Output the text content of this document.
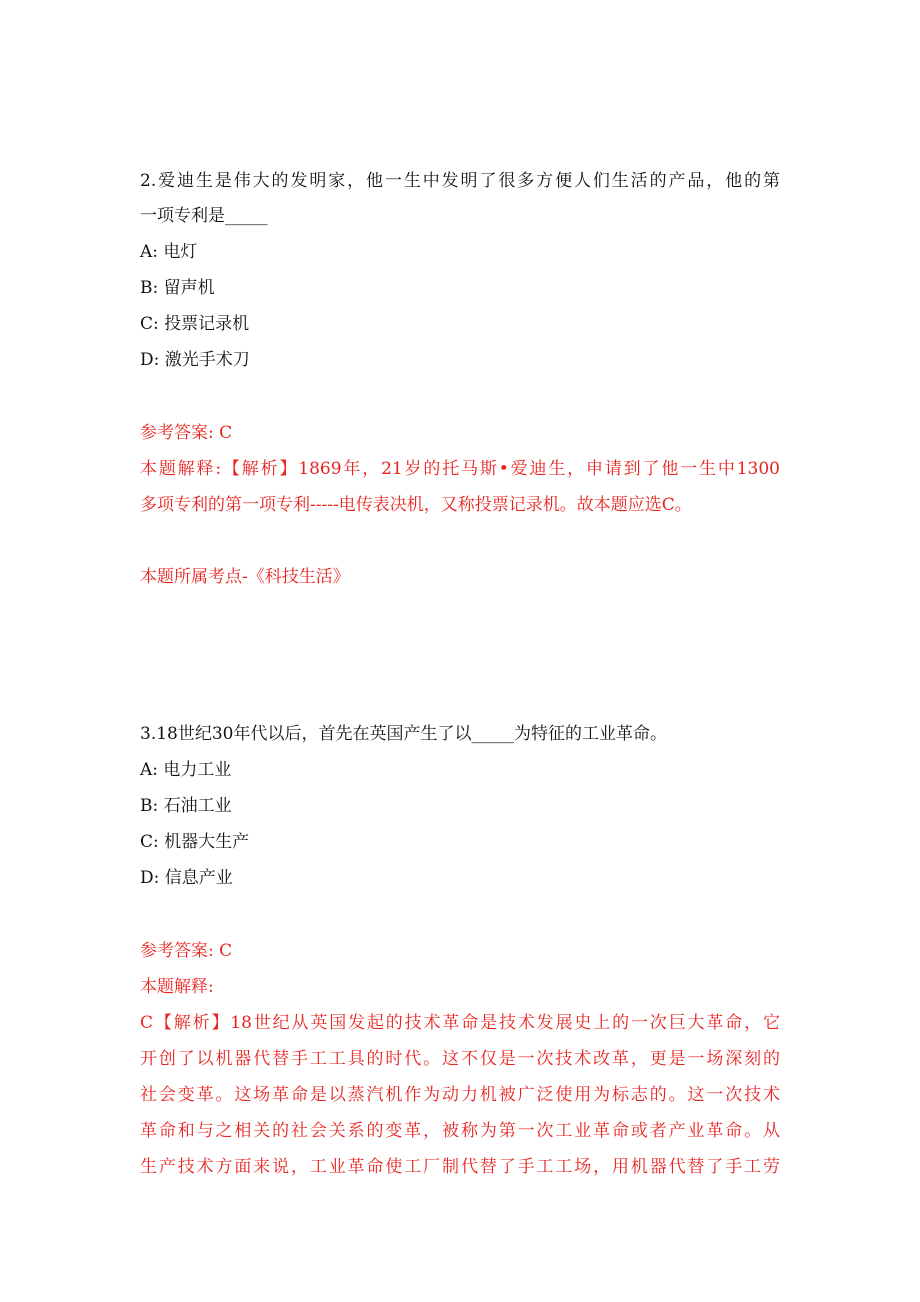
2.爱迪生是伟大的发明家，他一生中发明了很多方便人们生活的产品，他的第
一项专利是_____
A: 电灯
B: 留声机
C: 投票记录机
D: 激光手术刀
参考答案: C
本题解释:【解析】1869年，21岁的托马斯•爱迪生，申请到了他一生中1300
多项专利的第一项专利-----电传表决机，又称投票记录机。故本题应选C。
本题所属考点-《科技生活》
3.18世纪30年代以后，首先在英国产生了以_____为特征的工业革命。
A: 电力工业
B: 石油工业
C: 机器大生产
D: 信息产业
参考答案: C
本题解释:
C【解析】18世纪从英国发起的技术革命是技术发展史上的一次巨大革命，它
开创了以机器代替手工工具的时代。这不仅是一次技术改革，更是一场深刻的
社会变革。这场革命是以蒸汽机作为动力机被广泛使用为标志的。这一次技术
革命和与之相关的社会关系的变革，被称为第一次工业革命或者产业革命。从
生产技术方面来说，工业革命使工厂制代替了手工工场，用机器代替了手工劳
